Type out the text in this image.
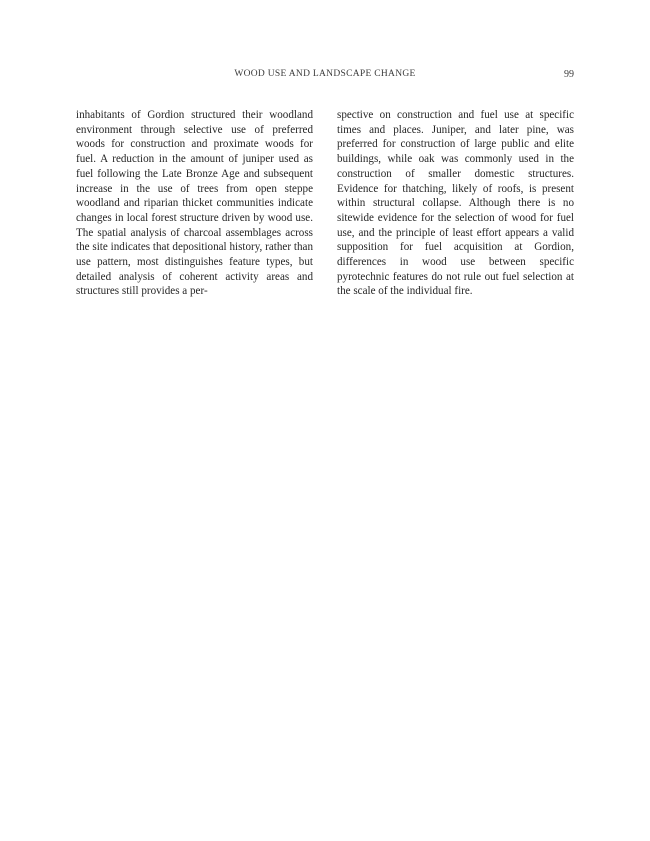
WOOD USE AND LANDSCAPE CHANGE	99

inhabitants of Gordion structured their woodland environment through selective use of preferred woods for construction and proximate woods for fuel. A reduction in the amount of juniper used as fuel following the Late Bronze Age and subsequent increase in the use of trees from open steppe woodland and riparian thicket communities indicate changes in local forest structure driven by wood use. The spatial analysis of charcoal assemblages across the site indicates that depositional history, rather than use pattern, most distinguishes feature types, but detailed analysis of coherent activity areas and structures still provides a per-

spective on construction and fuel use at specific times and places. Juniper, and later pine, was preferred for construction of large public and elite buildings, while oak was commonly used in the construction of smaller domestic structures. Evidence for thatching, likely of roofs, is present within structural collapse. Although there is no sitewide evidence for the selection of wood for fuel use, and the principle of least effort appears a valid supposition for fuel acquisition at Gordion, differences in wood use between specific pyrotechnic features do not rule out fuel selection at the scale of the individual fire.
